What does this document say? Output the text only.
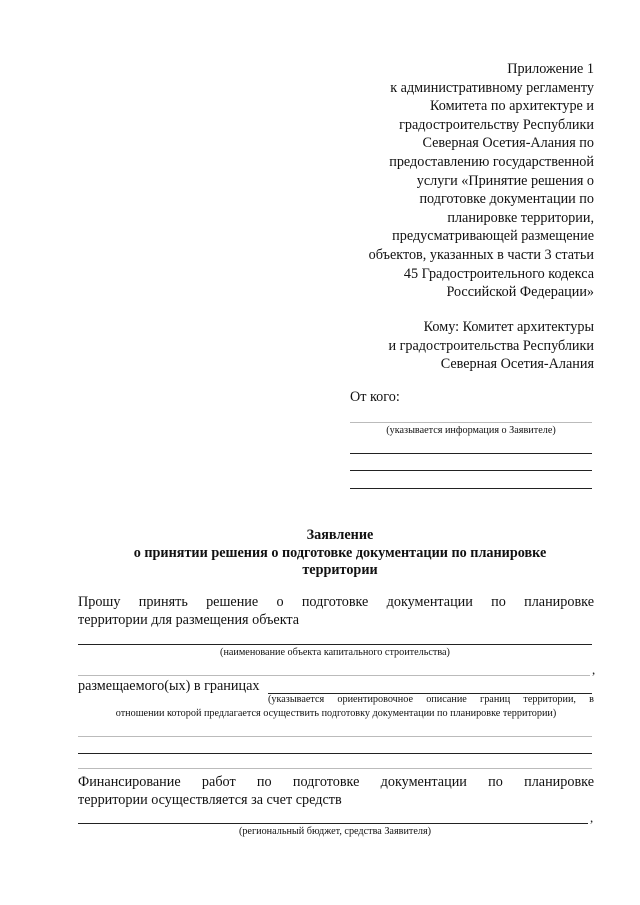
Приложение 1
к административному регламенту
Комитета по архитектуре и
градостроительству Республики
Северная Осетия-Алания по
предоставлению государственной
услуги «Принятие решения о
подготовке документации по
планировке территории,
предусматривающей размещение
объектов, указанных в части 3 статьи
45 Градостроительного кодекса
Российской Федерации»
Кому: Комитет архитектуры
и градостроительства Республики
Северная Осетия-Алания
От кого:
(указывается информация о Заявителе)
Заявление
о принятии решения о подготовке документации по планировке
территории
Прошу принять решение о подготовке документации по планировке
территории для размещения объекта
(наименование объекта капитального строительства)
,
размещаемого(ых) в границах
(указывается ориентировочное описание границ территории, в
отношении которой предлагается осуществить подготовку документации по планировке территории)
Финансирование работ по подготовке документации по планировке
территории осуществляется за счет средств
,
(региональный бюджет, средства Заявителя)
